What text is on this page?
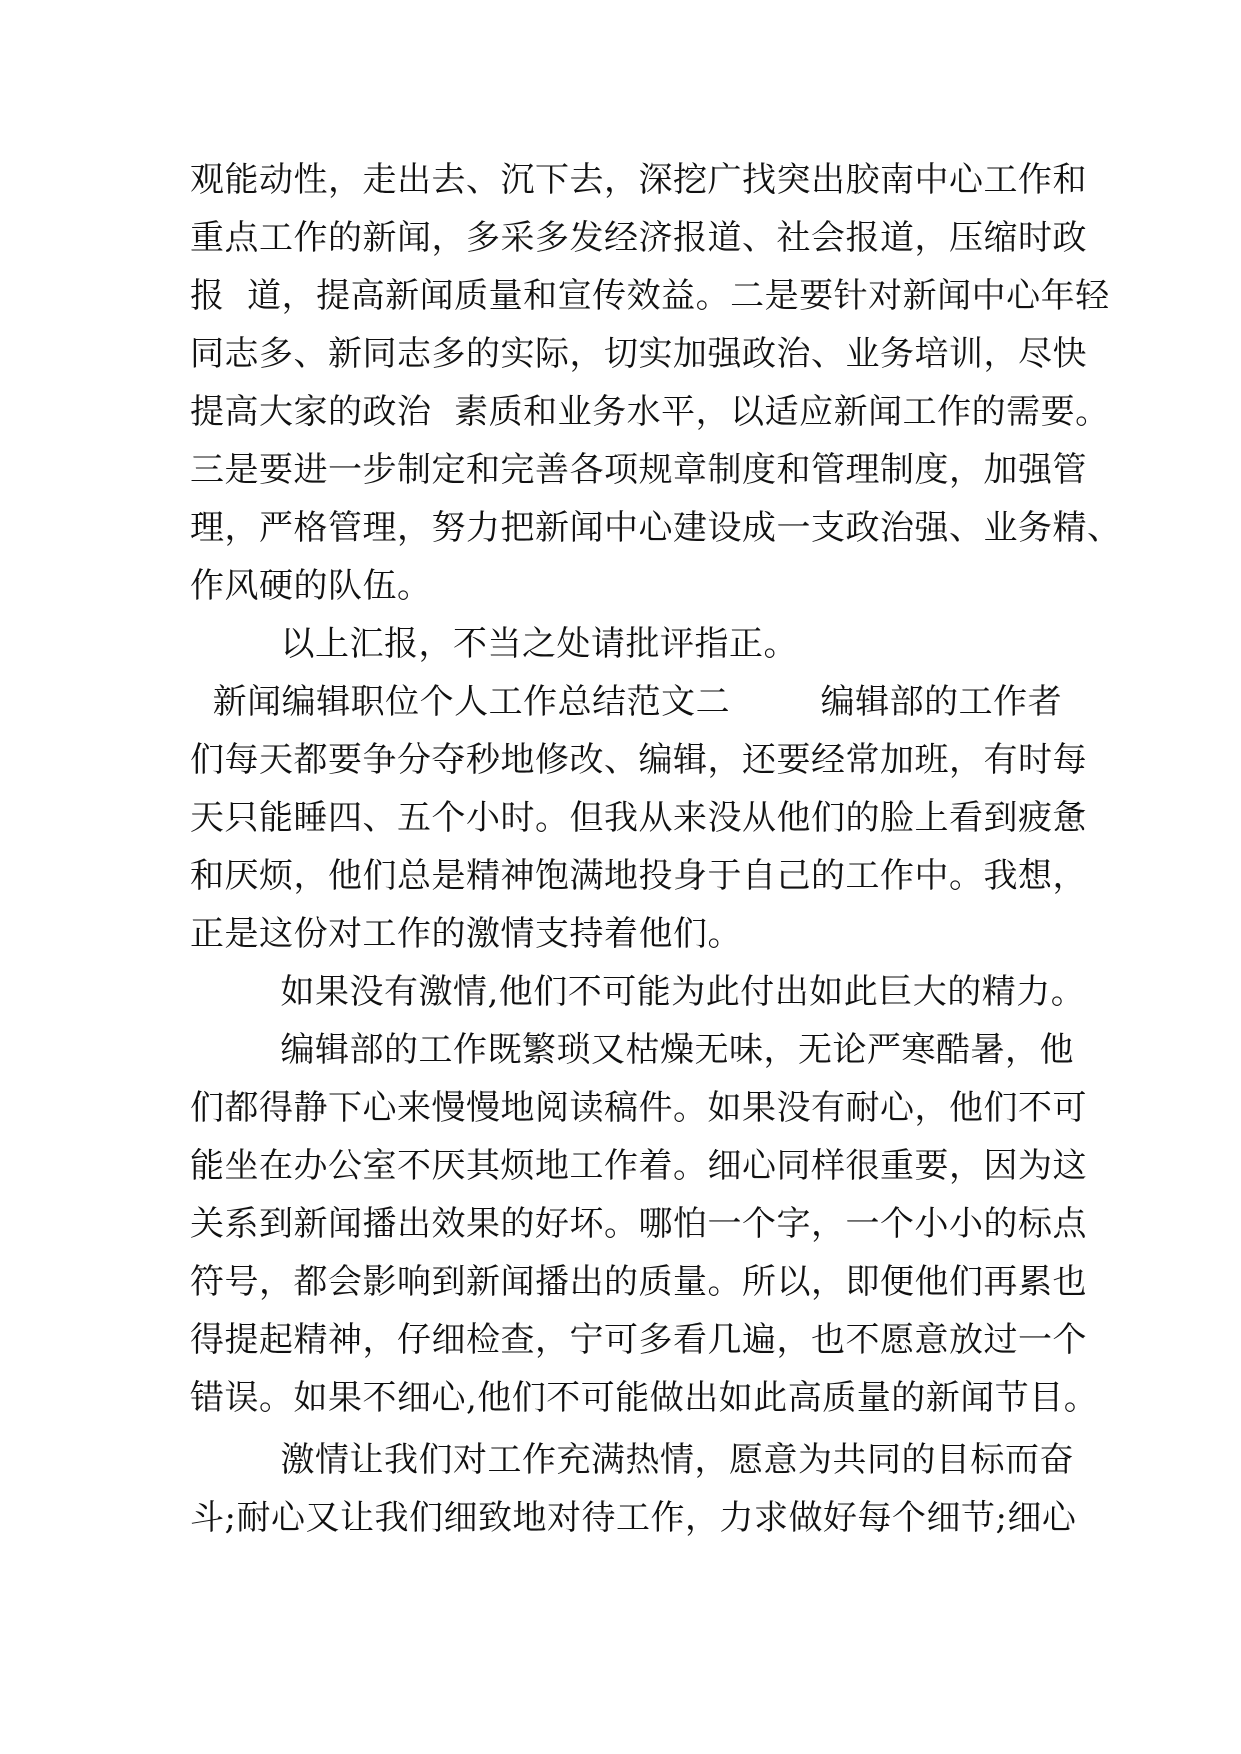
观能动性，走出去、沉下去，深挖广找突出胶南中心工作和
重点工作的新闻，多采多发经济报道、社会报道，压缩时政
报  道，提高新闻质量和宣传效益。二是要针对新闻中心年轻
同志多、新同志多的实际，切实加强政治、业务培训，尽快
提高大家的政治  素质和业务水平，以适应新闻工作的需要。
三是要进一步制定和完善各项规章制度和管理制度，加强管
理，严格管理，努力把新闻中心建设成一支政治强、业务精、
作风硬的队伍。
以上汇报，不当之处请批评指正。
新闻编辑职位个人工作总结范文二        编辑部的工作者
们每天都要争分夺秒地修改、编辑，还要经常加班，有时每
天只能睡四、五个小时。但我从来没从他们的脸上看到疲惫
和厌烦，他们总是精神饱满地投身于自己的工作中。我想，
正是这份对工作的激情支持着他们。
如果没有激情,他们不可能为此付出如此巨大的精力。
编辑部的工作既繁琐又枯燥无味，无论严寒酷暑，他
们都得静下心来慢慢地阅读稿件。如果没有耐心，他们不可
能坐在办公室不厌其烦地工作着。细心同样很重要，因为这
关系到新闻播出效果的好坏。哪怕一个字，一个小小的标点
符号，都会影响到新闻播出的质量。所以，即便他们再累也
得提起精神，仔细检查，宁可多看几遍，也不愿意放过一个
错误。如果不细心,他们不可能做出如此高质量的新闻节目。
激情让我们对工作充满热情，愿意为共同的目标而奋
斗;耐心又让我们细致地对待工作，力求做好每个细节;细心
